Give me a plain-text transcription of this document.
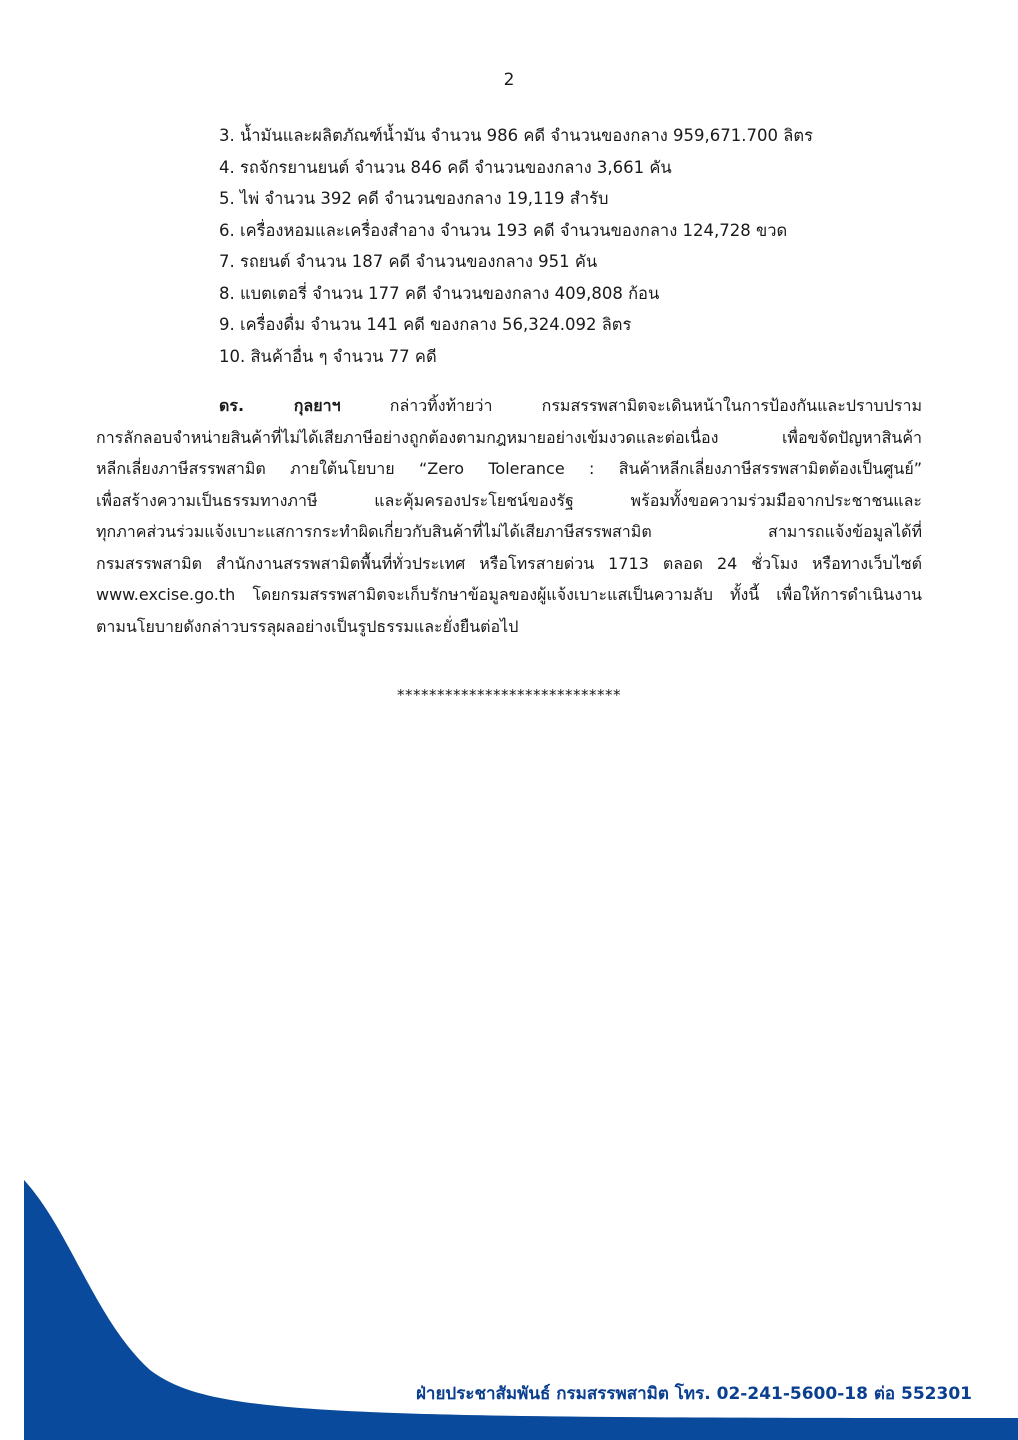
2
3. น้ำมันและผลิตภัณฑ์น้ำมัน จำนวน 986 คดี จำนวนของกลาง 959,671.700 ลิตร
4. รถจักรยานยนต์ จำนวน 846 คดี จำนวนของกลาง 3,661 คัน
5. ไพ่ จำนวน 392 คดี จำนวนของกลาง 19,119 สำรับ
6. เครื่องหอมและเครื่องสำอาง จำนวน 193 คดี จำนวนของกลาง 124,728 ขวด
7. รถยนต์ จำนวน 187 คดี จำนวนของกลาง 951 คัน
8. แบตเตอรี่ จำนวน 177 คดี จำนวนของกลาง 409,808 ก้อน
9. เครื่องดื่ม จำนวน 141 คดี ของกลาง 56,324.092 ลิตร
10. สินค้าอื่น ๆ จำนวน 77 คดี
ดร. กุลยาฯ	กล่าวทิ้งท้ายว่า กรมสรรพสามิตจะเดินหน้าในการป้องกันและปราบปราม
การลักลอบจำหน่ายสินค้าที่ไม่ได้เสียภาษีอย่างถูกต้องตามกฎหมายอย่างเข้มงวดและต่อเนื่อง เพื่อขจัดปัญหาสินค้า
หลีกเลี่ยงภาษีสรรพสามิต ภายใต้นโยบาย “Zero Tolerance : สินค้าหลีกเลี่ยงภาษีสรรพสามิตต้องเป็นศูนย์”
เพื่อสร้างความเป็นธรรมทางภาษี และคุ้มครองประโยชน์ของรัฐ พร้อมทั้งขอความร่วมมือจากประชาชนและ
ทุกภาคส่วนร่วมแจ้งเบาะแสการกระทำผิดเกี่ยวกับสินค้าที่ไม่ได้เสียภาษีสรรพสามิต สามารถแจ้งข้อมูลได้ที่
กรมสรรพสามิต สำนักงานสรรพสามิตพื้นที่ทั่วประเทศ หรือโทรสายด่วน 1713 ตลอด 24 ชั่วโมง หรือทางเว็บไซต์
www.excise.go.th โดยกรมสรรพสามิตจะเก็บรักษาข้อมูลของผู้แจ้งเบาะแสเป็นความลับ ทั้งนี้ เพื่อให้การดำเนินงาน
ตามนโยบายดังกล่าวบรรลุผลอย่างเป็นรูปธรรมและยั่งยืนต่อไป
****************************
ฝ่ายประชาสัมพันธ์ กรมสรรพสามิต โทร. 02-241-5600-18 ต่อ 552301
